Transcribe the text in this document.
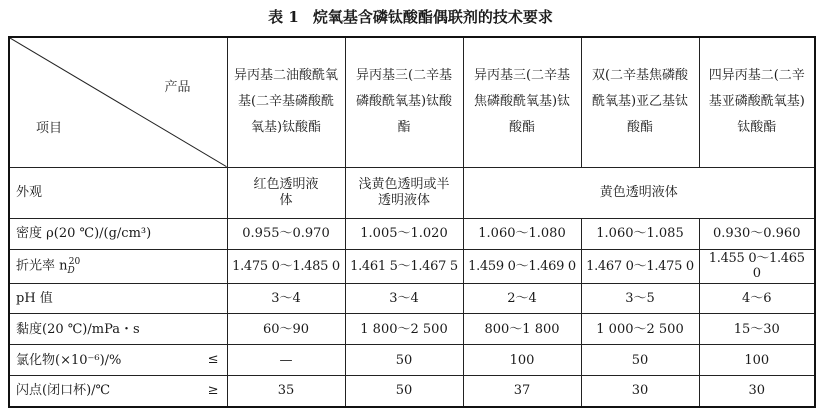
表 1 烷氧基含磷钛酸酯偶联剂的技术要求
产品
项目	异丙基二油酸酰氧基(二辛基磷酸酰氧基)钛酸酯	异丙基三(二辛基磷酸酰氧基)钛酸酯	异丙基三(二辛基焦磷酸酰氧基)钛酸酯	双(二辛基焦磷酸酰氧基)亚乙基钛酸酯	四异丙基二(二辛基亚磷酸酰氧基)钛酸酯
外观	红色透明液体	浅黄色透明或半透明液体	黄色透明液体		
密度 ρ(20 ℃)/(g/cm³)	0.955～0.970	1.005～1.020	1.060～1.080	1.060～1.085	0.930～0.960
折光率 $n_D^{20}$	1.475 0～1.485 0	1.461 5～1.467 5	1.459 0～1.469 0	1.467 0～1.475 0	1.455 0～1.465 0
pH 值	3～4	3～4	2～4	3～5	4～6
黏度(20 ℃)/mPa・s	60～90	1 800～2 500	800～1 800	1 000～2 500	15～30
氯化物(×10⁻⁶)/% ≤	—	50	100	50	100
闪点(闭口杯)/℃ ≥	35	50	37	30	30
